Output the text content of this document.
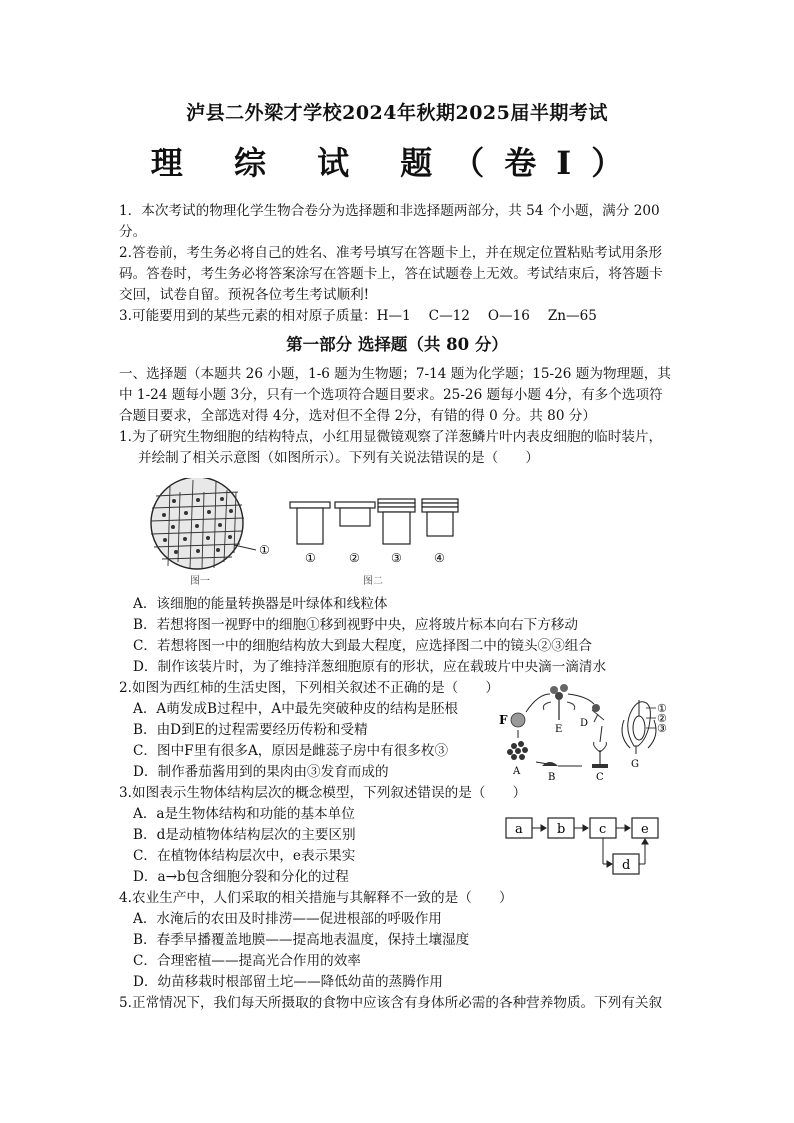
泸县二外梁才学校2024年秋期2025届半期考试
理 综 试 题（卷Ⅰ）
1．本次考试的物理化学生物合卷分为选择题和非选择题两部分，共 54 个小题，满分 200
分。
2.答卷前，考生务必将自己的姓名、准考号填写在答题卡上，并在规定位置粘贴考试用条形
码。答卷时，考生务必将答案涂写在答题卡上，答在试题卷上无效。考试结束后，将答题卡
交回，试卷自留。预祝各位考生考试顺利!
3.可能要用到的某些元素的相对原子质量：H—1　 C—12　 O—16　 Zn—65
第一部分 选择题（共 80 分）
一、选择题（本题共 26 小题，1-6 题为生物题；7-14 题为化学题；15-26 题为物理题，其
中 1-24 题每小题 3分，只有一个选项符合题目要求。25-26 题每小题 4分，有多个选项符
合题目要求，全部选对得 4分，选对但不全得 2分，有错的得 0 分。共 80 分）
1.为了研究生物细胞的结构特点，小红用显微镜观察了洋葱鳞片叶内表皮细胞的临时装片，
并绘制了相关示意图（如图所示）。下列有关说法错误的是（　　）
①
图一
①	②	③	④
图二
A．该细胞的能量转换器是叶绿体和线粒体
B．若想将图一视野中的细胞①移到视野中央，应将玻片标本向右下方移动
C．若想将图一中的细胞结构放大到最大程度，应选择图二中的镜头②③组合
D．制作该装片时，为了维持洋葱细胞原有的形状，应在载玻片中央滴一滴清水
2.如图为西红柿的生活史图，下列相关叙述不正确的是（　　）
A．A萌发成B过程中，A中最先突破种皮的结构是胚根
B．由D到E的过程需要经历传粉和受精
C．图中F里有很多A，原因是雌蕊子房中有很多枚③
D．制作番茄酱用到的果肉由③发育而成的
E
F	D
A
B	C
G
①
②
③
3.如图表示生物体结构层次的概念模型，下列叙述错误的是（　　）
A．a是生物体结构和功能的基本单位
B．d是动植物体结构层次的主要区别
C．在植物体结构层次中，e表示果实
D．a→b包含细胞分裂和分化的过程
a	b	c	e
d
4.农业生产中，人们采取的相关措施与其解释不一致的是（　　）
A．水淹后的农田及时排涝——促进根部的呼吸作用
B．春季早播覆盖地膜——提高地表温度，保持土壤湿度
C．合理密植——提高光合作用的效率
D．幼苗移栽时根部留土坨——降低幼苗的蒸腾作用
5.正常情况下，我们每天所摄取的食物中应该含有身体所必需的各种营养物质。下列有关叙
